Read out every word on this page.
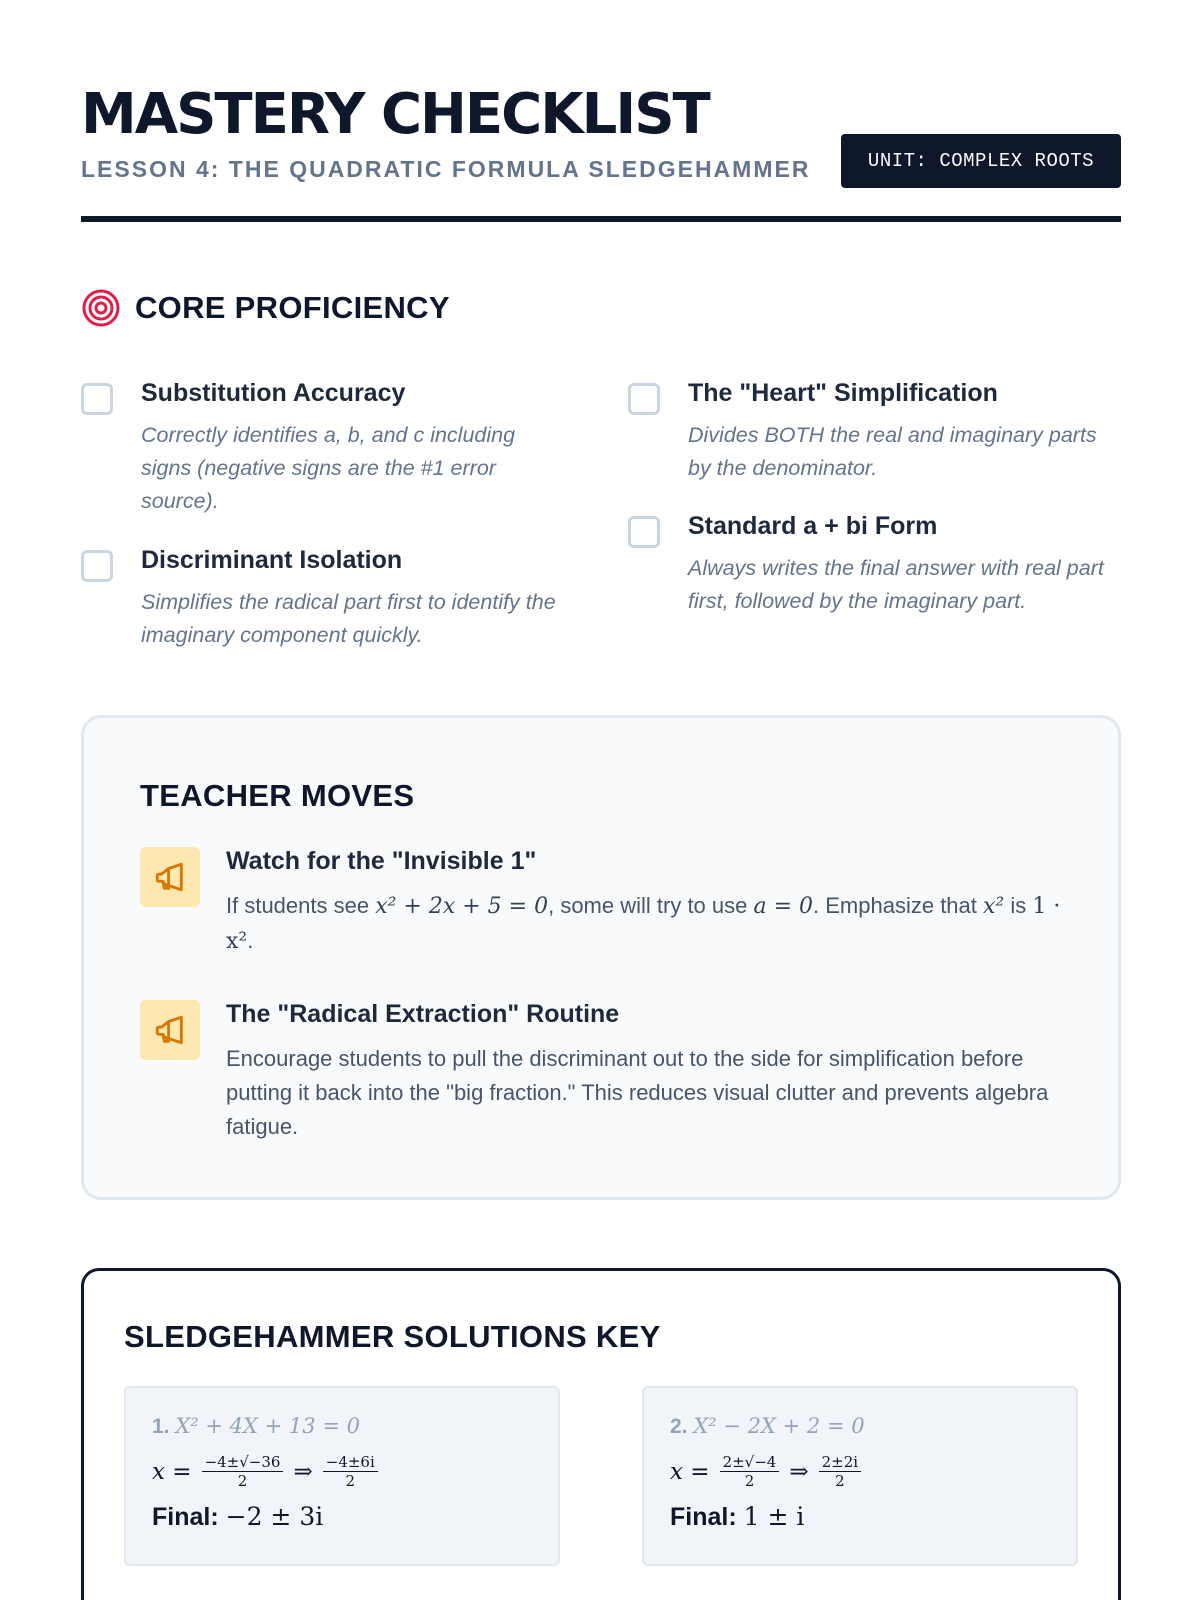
MASTERY CHECKLIST
LESSON 4: THE QUADRATIC FORMULA SLEDGEHAMMER	UNIT: COMPLEX ROOTS
CORE PROFICIENCY
Substitution Accuracy
Correctly identifies a, b, and c including signs (negative signs are the #1 error source).
Discriminant Isolation
Simplifies the radical part first to identify the imaginary component quickly.
The "Heart" Simplification
Divides BOTH the real and imaginary parts by the denominator.
Standard a + bi Form
Always writes the final answer with real part first, followed by the imaginary part.
TEACHER MOVES
Watch for the "Invisible 1"
If students see x² + 2x + 5 = 0, some will try to use a = 0. Emphasize that x² is 1 · x².
The "Radical Extraction" Routine
Encourage students to pull the discriminant out to the side for simplification before putting it back into the "big fraction." This reduces visual clutter and prevents algebra fatigue.
SLEDGEHAMMER SOLUTIONS KEY
1. X² + 4X + 13 = 0
$x = \frac{-4\pm√-36}{2}$ ⇒ $\frac{-4\pm 6i}{2}$
Final: −2 ± 3i
2. X² − 2X + 2 = 0
$x = \frac{2\pm√-4}{2}$ ⇒ $\frac{2\pm 2i}{2}$
Final: 1 ± i
